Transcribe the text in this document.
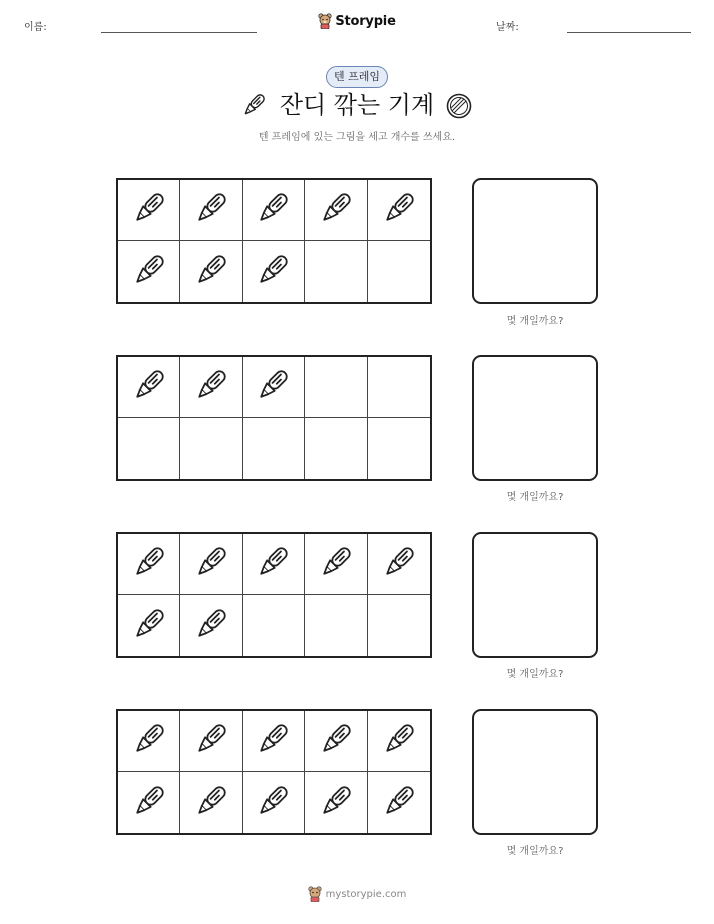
이름:	Storypie	날짜:
텐 프레임
잔디 깎는 기계
텐 프레임에 있는 그림을 세고 개수를 쓰세요.
몇 개일까요?
몇 개일까요?
몇 개일까요?
몇 개일까요?
mystorypie.com
